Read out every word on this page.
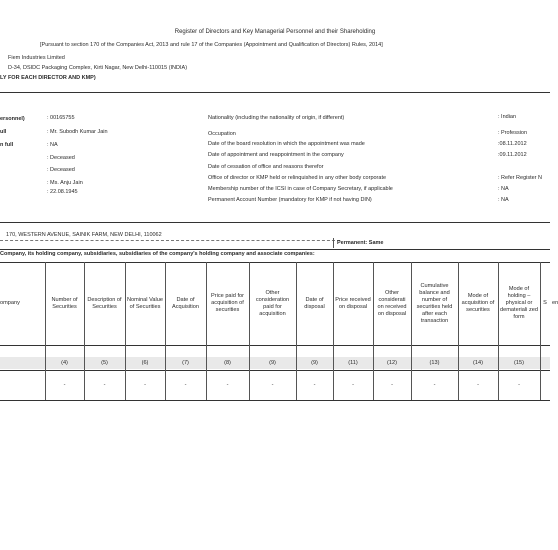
Register of Directors and Key Managerial Personnel and their Shareholding
[Pursuant to section 170 of the Companies Act, 2013 and rule 17 of the Companies (Appointment and Qualification of Directors) Rules, 2014]
Fiem Industries Limited
D-34, DSIDC Packaging Complex, Kirti Nagar, New Delhi-110015 (INDIA)
LY FOR EACH DIRECTOR AND KMP)
ersonnel)
ull
n full
: 00165755
: Mr. Subodh Kumar Jain
: NA
: Deceased
: Deceased
: Ms. Anju Jain
: 22.08.1945
Nationality (including the nationality of origin, if different)
Occupation
Date of the board resolution in which the appointment was made
Date of appointment and reappointment in the company
Date of cessation of office and reasons therefor
Office of director or KMP held or relinquished in any other body corporate
Membership number of the ICSI in case of Company Secretary, if applicable
Permanent Account Number (mandatory for KMP if not having DIN)
: Indian
: Profession
:08.11.2012
:09.11.2012
: Refer Register N
: NA
: NA
170, WESTERN AVENUE, SAINIK FARM, NEW DELHI, 110062
Permanent: Same
Company, its holding company, subsidiaries, subsidiaries of the company's holding company and associate companies:
ompany
Number of Securities
Description of Securities
Nominal Value of Securities
Date of Acquisition
Price paid for acquisition of securities
Other consideration paid for acquisition
Date of disposal
Price received on disposal
Other considerati on received on disposal
Cumulative balance and number of securities held after each transaction
Mode of acquisition of securities
Mode of holding – physical or demateriali zed form
S en
(4)
-
(5)
-
(6)
-
(7)
-
(8)
-
(9)
-
(9)
-
(11)
-
(12)
-
(13)
-
(14)
-
(15)
-
